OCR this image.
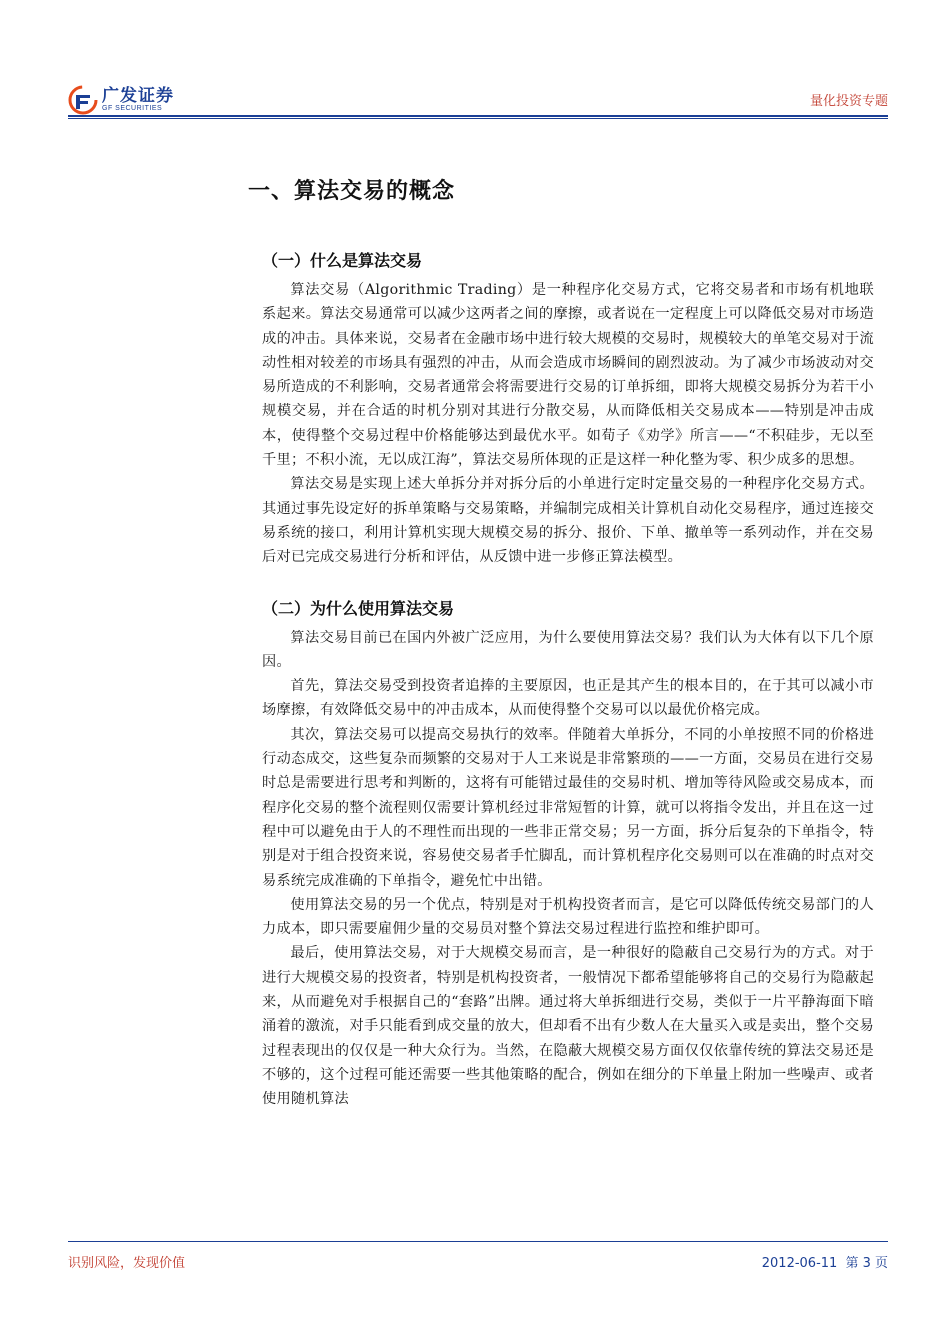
广发证券
GF SECURITIES	量化投资专题
一、算法交易的概念
（一）什么是算法交易

算法交易（Algorithmic Trading）是一种程序化交易方式，它将交易者和市场有机地联系起来。算法交易通常可以减少这两者之间的摩擦，或者说在一定程度上可以降低交易对市场造成的冲击。具体来说，交易者在金融市场中进行较大规模的交易时，规模较大的单笔交易对于流动性相对较差的市场具有强烈的冲击，从而会造成市场瞬间的剧烈波动。为了减少市场波动对交易所造成的不利影响，交易者通常会将需要进行交易的订单拆细，即将大规模交易拆分为若干小规模交易，并在合适的时机分别对其进行分散交易，从而降低相关交易成本——特别是冲击成本，使得整个交易过程中价格能够达到最优水平。如荀子《劝学》所言——“不积硅步，无以至千里；不积小流，无以成江海”，算法交易所体现的正是这样一种化整为零、积少成多的思想。

算法交易是实现上述大单拆分并对拆分后的小单进行定时定量交易的一种程序化交易方式。其通过事先设定好的拆单策略与交易策略，并编制完成相关计算机自动化交易程序，通过连接交易系统的接口，利用计算机实现大规模交易的拆分、报价、下单、撤单等一系列动作，并在交易后对已完成交易进行分析和评估，从反馈中进一步修正算法模型。

（二）为什么使用算法交易

算法交易目前已在国内外被广泛应用，为什么要使用算法交易？我们认为大体有以下几个原因。

首先，算法交易受到投资者追捧的主要原因，也正是其产生的根本目的，在于其可以减小市场摩擦，有效降低交易中的冲击成本，从而使得整个交易可以以最优价格完成。

其次，算法交易可以提高交易执行的效率。伴随着大单拆分，不同的小单按照不同的价格进行动态成交，这些复杂而频繁的交易对于人工来说是非常繁琐的——一方面，交易员在进行交易时总是需要进行思考和判断的，这将有可能错过最佳的交易时机、增加等待风险或交易成本，而程序化交易的整个流程则仅需要计算机经过非常短暂的计算，就可以将指令发出，并且在这一过程中可以避免由于人的不理性而出现的一些非正常交易；另一方面，拆分后复杂的下单指令，特别是对于组合投资来说，容易使交易者手忙脚乱，而计算机程序化交易则可以在准确的时点对交易系统完成准确的下单指令，避免忙中出错。

使用算法交易的另一个优点，特别是对于机构投资者而言，是它可以降低传统交易部门的人力成本，即只需要雇佣少量的交易员对整个算法交易过程进行监控和维护即可。

最后，使用算法交易，对于大规模交易而言，是一种很好的隐蔽自己交易行为的方式。对于进行大规模交易的投资者，特别是机构投资者，一般情况下都希望能够将自己的交易行为隐蔽起来，从而避免对手根据自己的“套路”出牌。通过将大单拆细进行交易，类似于一片平静海面下暗涌着的激流，对手只能看到成交量的放大，但却看不出有少数人在大量买入或是卖出，整个交易过程表现出的仅仅是一种大众行为。当然，在隐蔽大规模交易方面仅仅依靠传统的算法交易还是不够的，这个过程可能还需要一些其他策略的配合，例如在细分的下单量上附加一些噪声、或者使用随机算法

识别风险，发现价值	2012-06-11 第 3 页
